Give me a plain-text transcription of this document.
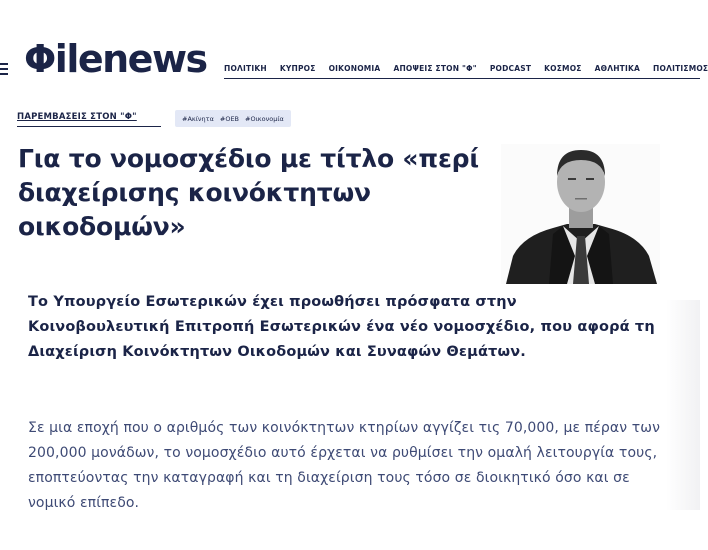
Φilenews ΠΟΛΙΤΙΚΗ ΚΥΠΡΟΣ ΟΙΚΟΝΟΜΙΑ ΑΠΟΨΕΙΣ ΣΤΟΝ "Φ" PODCAST ΚΟΣΜΟΣ ΑΘΛΗΤΙΚΑ ΠΟΛΙΤΙΣΜΟΣ
ΠΑΡΕΜΒΑΣΕΙΣ ΣΤΟΝ "Φ"	#Ακίνητα #ΟΕΒ #Οικονομία
Για το νομοσχέδιο με τίτλο «περί διαχείρισης κοινόκτητων οικοδομών»

Το Υπουργείο Εσωτερικών έχει προωθήσει πρόσφατα στην Κοινοβουλευτική Επιτροπή Εσωτερικών ένα νέο νομοσχέδιο, που αφορά τη Διαχείριση Κοινόκτητων Οικοδομών και Συναφών Θεμάτων.

Σε μια εποχή που ο αριθμός των κοινόκτητων κτηρίων αγγίζει τις 70,000, με πέραν των 200,000 μονάδων, το νομοσχέδιο αυτό έρχεται να ρυθμίσει την ομαλή λειτουργία τους, εποπτεύοντας την καταγραφή και τη διαχείριση τους τόσο σε διοικητικό όσο και σε νομικό επίπεδο.
